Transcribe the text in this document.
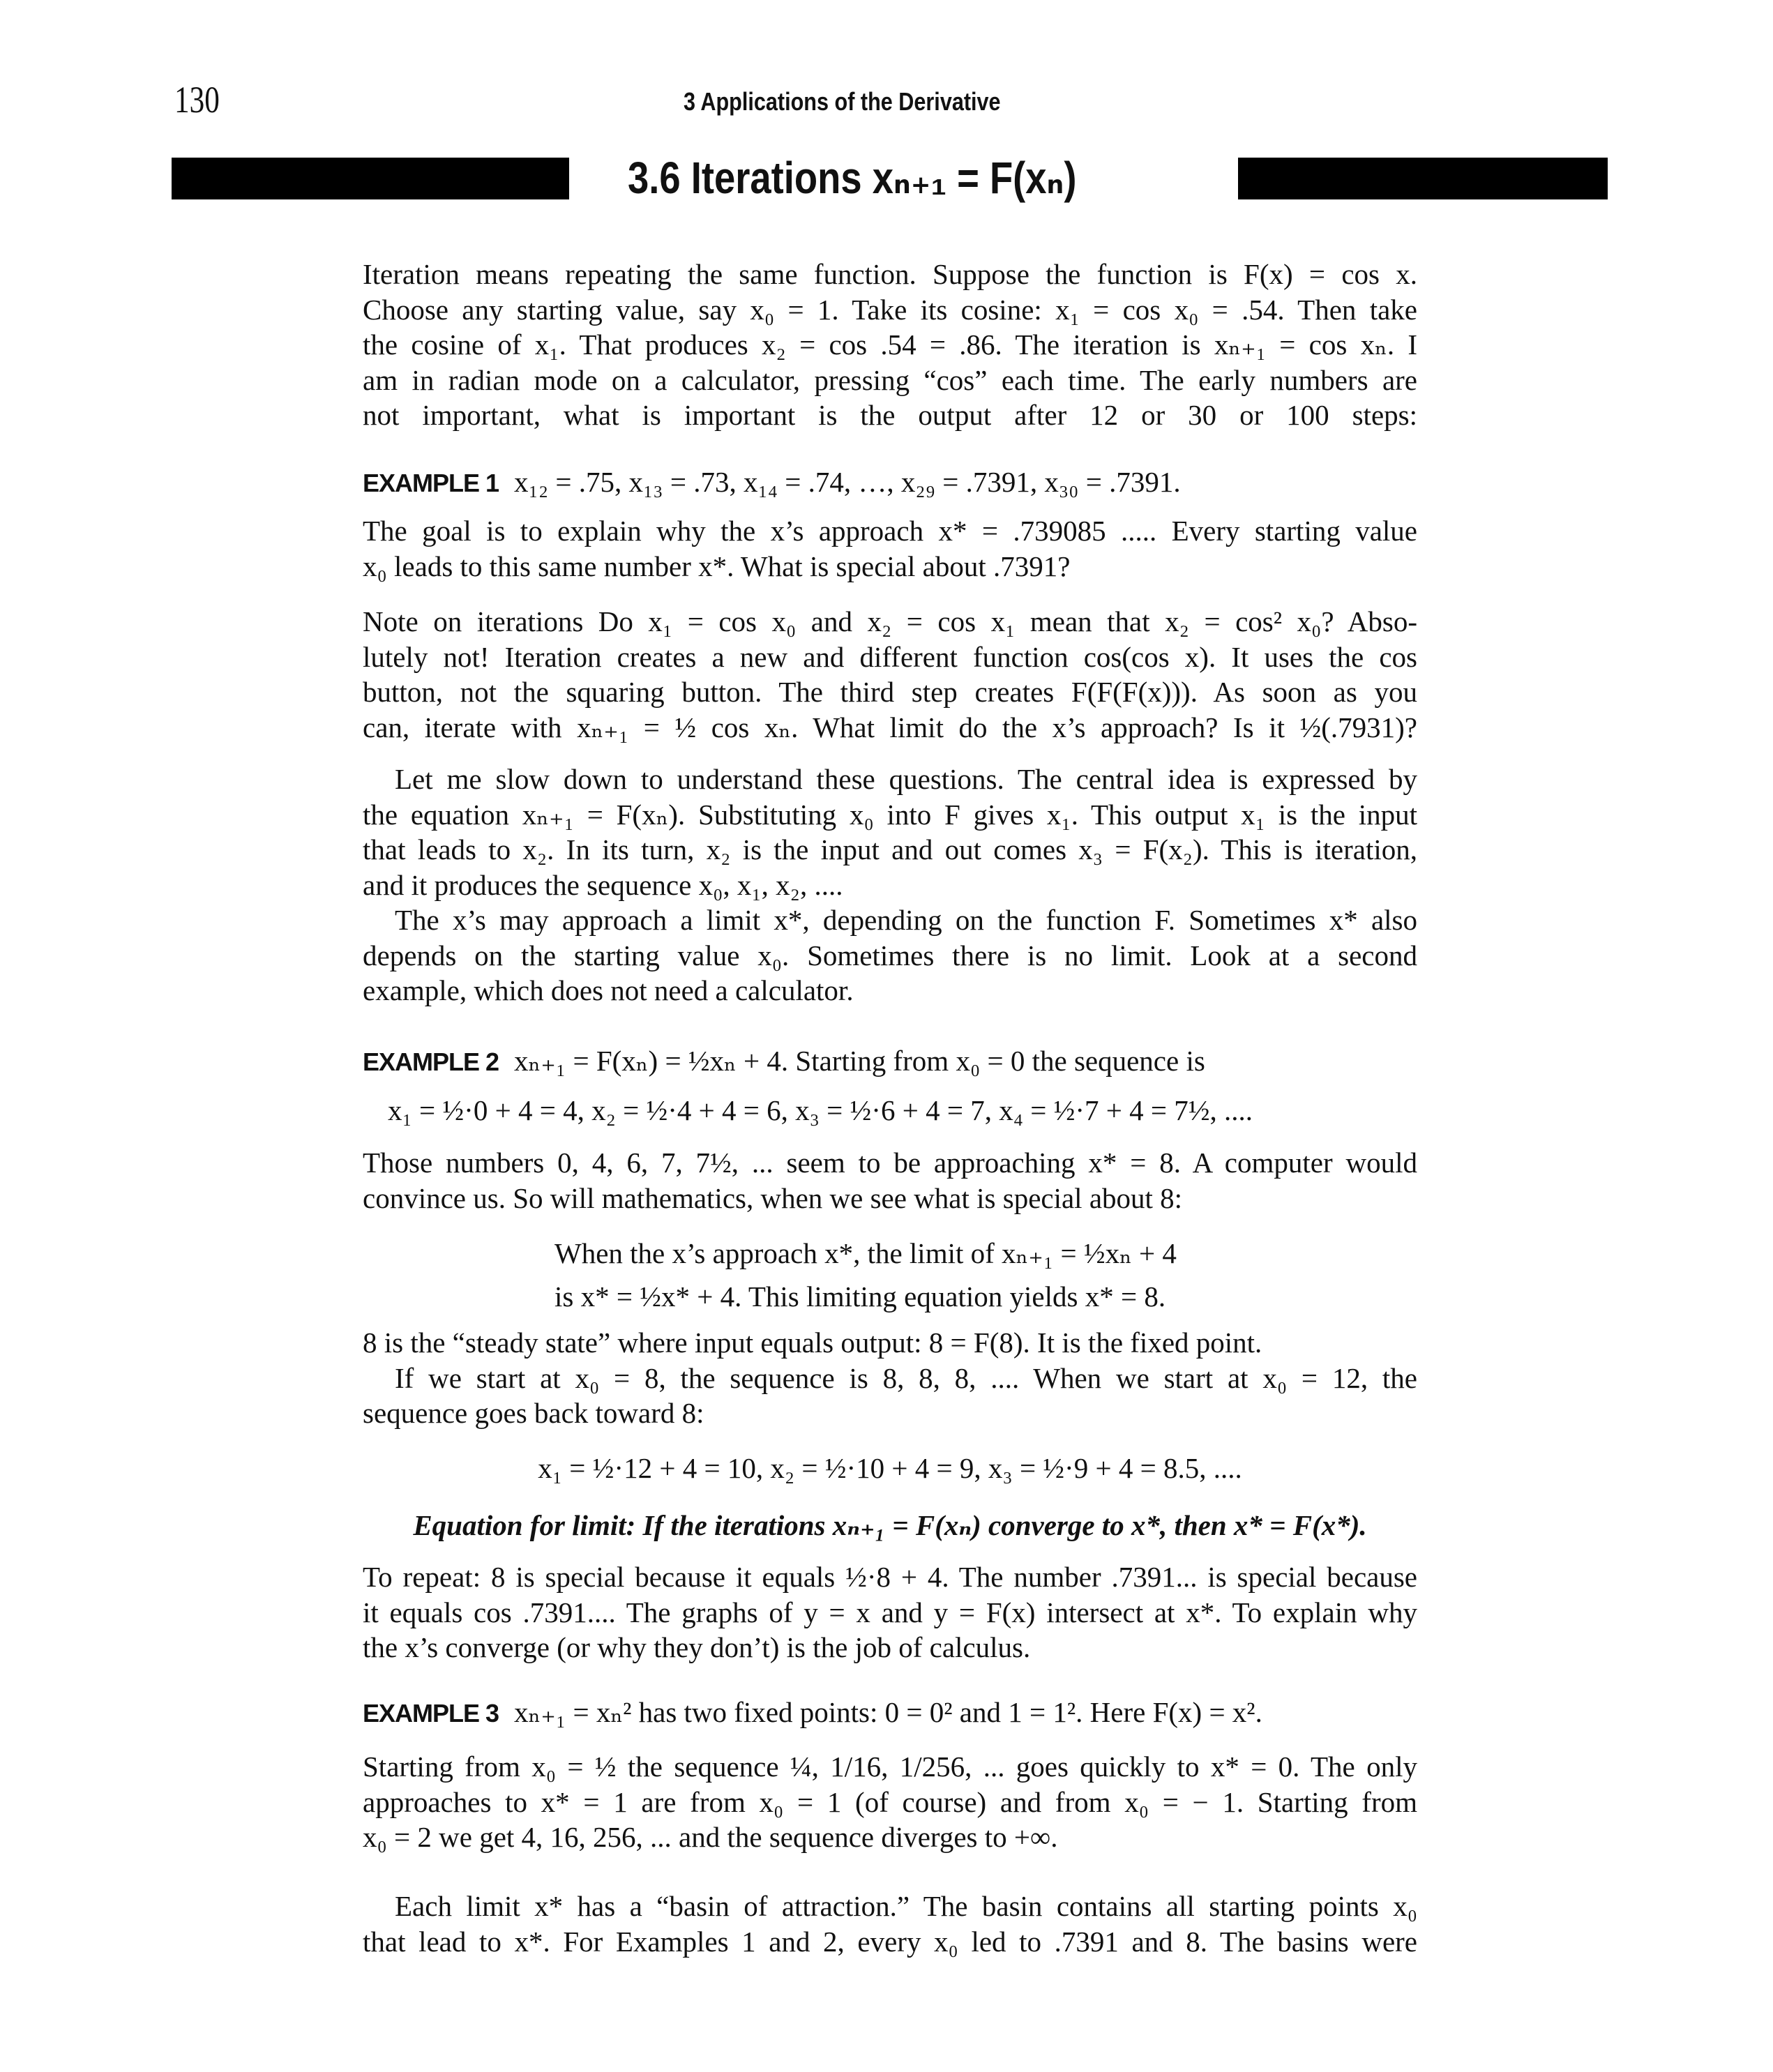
130	3 Applications of the Derivative
3.6 Iterations xₙ₊₁ = F(xₙ)
Iteration means repeating the same function. Suppose the function is F(x) = cos x.
Choose any starting value, say x₀ = 1. Take its cosine: x₁ = cos x₀ = .54. Then take
the cosine of x₁. That produces x₂ = cos .54 = .86. The iteration is xₙ₊₁ = cos xₙ. I
am in radian mode on a calculator, pressing “cos” each time. The early numbers are
not important, what is important is the output after 12 or 30 or 100 steps:
EXAMPLE 1 x₁₂ = .75, x₁₃ = .73, x₁₄ = .74, …, x₂₉ = .7391, x₃₀ = .7391.
The goal is to explain why the x’s approach x* = .739085 ..... Every starting value
x₀ leads to this same number x*. What is special about .7391?
Note on iterations Do x₁ = cos x₀ and x₂ = cos x₁ mean that x₂ = cos² x₀? Abso-
lutely not! Iteration creates a new and different function cos(cos x). It uses the cos
button, not the squaring button. The third step creates F(F(F(x))). As soon as you
can, iterate with xₙ₊₁ = ½ cos xₙ. What limit do the x’s approach? Is it ½(.7931)?
Let me slow down to understand these questions. The central idea is expressed by
the equation xₙ₊₁ = F(xₙ). Substituting x₀ into F gives x₁. This output x₁ is the input
that leads to x₂. In its turn, x₂ is the input and out comes x₃ = F(x₂). This is iteration,
and it produces the sequence x₀, x₁, x₂, ....
The x’s may approach a limit x*, depending on the function F. Sometimes x* also
depends on the starting value x₀. Sometimes there is no limit. Look at a second
example, which does not need a calculator.
EXAMPLE 2 xₙ₊₁ = F(xₙ) = ½xₙ + 4. Starting from x₀ = 0 the sequence is
x₁ = ½·0 + 4 = 4, x₂ = ½·4 + 4 = 6, x₃ = ½·6 + 4 = 7, x₄ = ½·7 + 4 = 7½, ....
Those numbers 0, 4, 6, 7, 7½, ... seem to be approaching x* = 8. A computer would
convince us. So will mathematics, when we see what is special about 8:
When the x’s approach x*, the limit of xₙ₊₁ = ½xₙ + 4
is x* = ½x* + 4. This limiting equation yields x* = 8.
8 is the “steady state” where input equals output: 8 = F(8). It is the fixed point.
If we start at x₀ = 8, the sequence is 8, 8, 8, .... When we start at x₀ = 12, the
sequence goes back toward 8:
x₁ = ½·12 + 4 = 10, x₂ = ½·10 + 4 = 9, x₃ = ½·9 + 4 = 8.5, ....
Equation for limit: If the iterations xₙ₊₁ = F(xₙ) converge to x*, then x* = F(x*).
To repeat: 8 is special because it equals ½·8 + 4. The number .7391... is special because
it equals cos .7391.... The graphs of y = x and y = F(x) intersect at x*. To explain why
the x’s converge (or why they don’t) is the job of calculus.
EXAMPLE 3 xₙ₊₁ = xₙ² has two fixed points: 0 = 0² and 1 = 1². Here F(x) = x².
Starting from x₀ = ½ the sequence ¼, 1/16, 1/256, ... goes quickly to x* = 0. The only
approaches to x* = 1 are from x₀ = 1 (of course) and from x₀ = − 1. Starting from
x₀ = 2 we get 4, 16, 256, ... and the sequence diverges to +∞.
Each limit x* has a “basin of attraction.” The basin contains all starting points x₀
that lead to x*. For Examples 1 and 2, every x₀ led to .7391 and 8. The basins were
